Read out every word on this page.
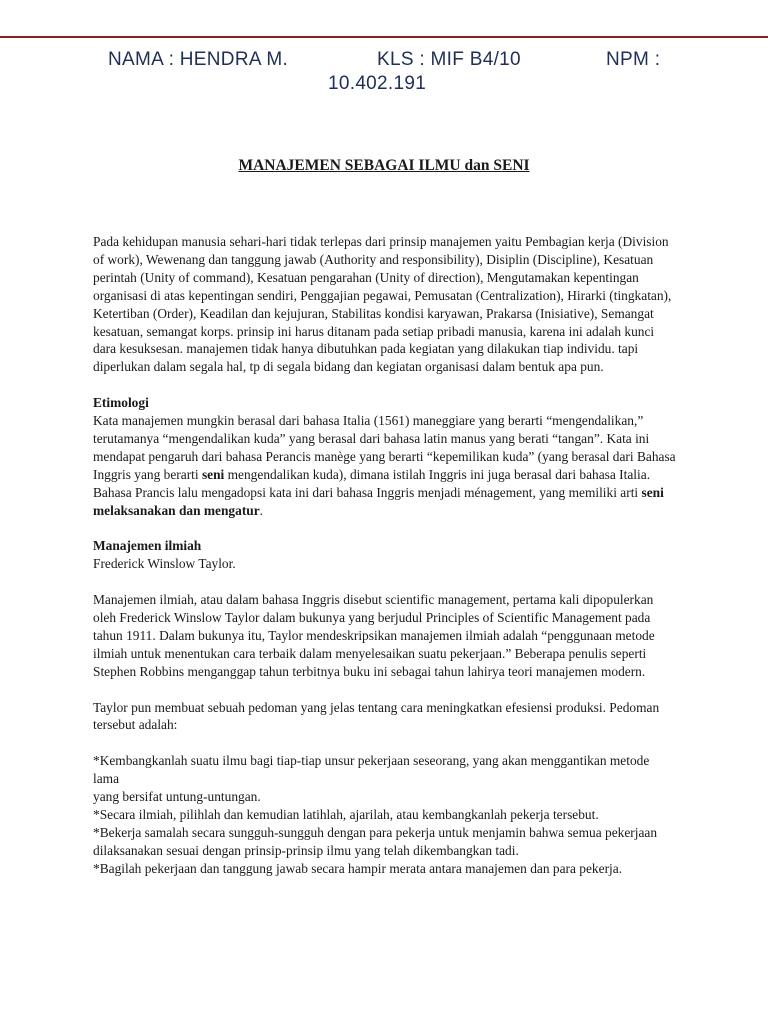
NAMA : HENDRA M.	KLS : MIF B4/10	NPM :
10.402.191
MANAJEMEN SEBAGAI ILMU dan SENI

Pada kehidupan manusia sehari-hari tidak terlepas dari prinsip manajemen yaitu Pembagian kerja (Division of work), Wewenang dan tanggung jawab (Authority and responsibility), Disiplin (Discipline), Kesatuan perintah (Unity of command), Kesatuan pengarahan (Unity of direction), Mengutamakan kepentingan organisasi di atas kepentingan sendiri, Penggajian pegawai, Pemusatan (Centralization), Hirarki (tingkatan), Ketertiban (Order), Keadilan dan kejujuran, Stabilitas kondisi karyawan, Prakarsa (Inisiative), Semangat kesatuan, semangat korps. prinsip ini harus ditanam pada setiap pribadi manusia, karena ini adalah kunci dara kesuksesan. manajemen tidak hanya dibutuhkan pada kegiatan yang dilakukan tiap individu. tapi diperlukan dalam segala hal, tp di segala bidang dan kegiatan organisasi dalam bentuk apa pun.

Etimologi

Kata manajemen mungkin berasal dari bahasa Italia (1561) maneggiare yang berarti “mengendalikan,” terutamanya “mengendalikan kuda” yang berasal dari bahasa latin manus yang berati “tangan”. Kata ini mendapat pengaruh dari bahasa Perancis manège yang berarti “kepemilikan kuda” (yang berasal dari Bahasa Inggris yang berarti seni mengendalikan kuda), dimana istilah Inggris ini juga berasal dari bahasa Italia. Bahasa Prancis lalu mengadopsi kata ini dari bahasa Inggris menjadi ménagement, yang memiliki arti seni melaksanakan dan mengatur.

Manajemen ilmiah

Frederick Winslow Taylor.

Manajemen ilmiah, atau dalam bahasa Inggris disebut scientific management, pertama kali dipopulerkan oleh Frederick Winslow Taylor dalam bukunya yang berjudul Principles of Scientific Management pada tahun 1911. Dalam bukunya itu, Taylor mendeskripsikan manajemen ilmiah adalah “penggunaan metode ilmiah untuk menentukan cara terbaik dalam menyelesaikan suatu pekerjaan.” Beberapa penulis seperti Stephen Robbins menganggap tahun terbitnya buku ini sebagai tahun lahirya teori manajemen modern.

Taylor pun membuat sebuah pedoman yang jelas tentang cara meningkatkan efesiensi produksi. Pedoman tersebut adalah:

*Kembangkanlah suatu ilmu bagi tiap-tiap unsur pekerjaan seseorang, yang akan menggantikan metode lama

yang bersifat untung-untungan.

*Secara ilmiah, pilihlah dan kemudian latihlah, ajarilah, atau kembangkanlah pekerja tersebut.

*Bekerja samalah secara sungguh-sungguh dengan para pekerja untuk menjamin bahwa semua pekerjaan

dilaksanakan sesuai dengan prinsip-prinsip ilmu yang telah dikembangkan tadi.

*Bagilah pekerjaan dan tanggung jawab secara hampir merata antara manajemen dan para pekerja.
